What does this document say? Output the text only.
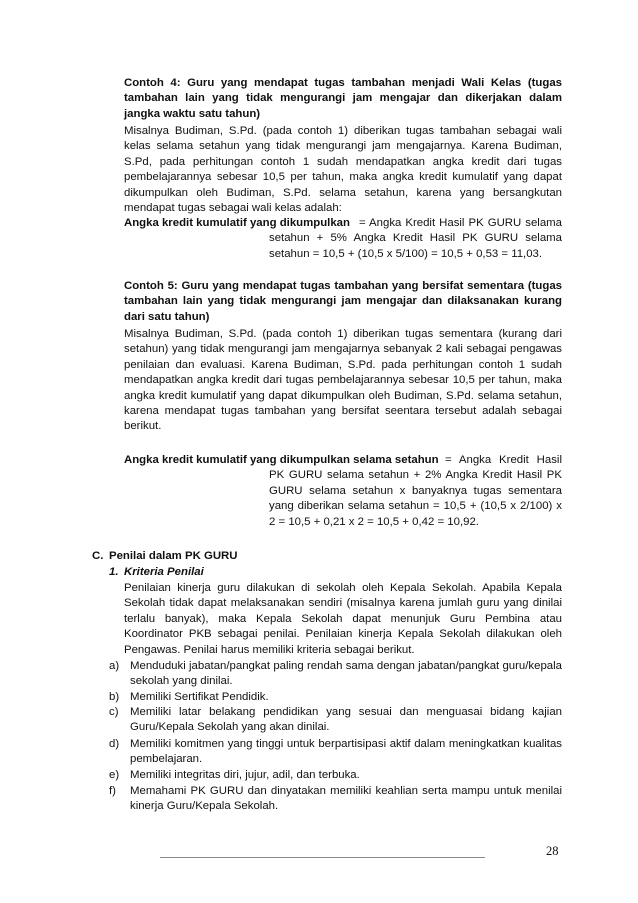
Contoh 4: Guru yang mendapat tugas tambahan menjadi Wali Kelas (tugas tambahan lain yang tidak mengurangi jam mengajar dan dikerjakan dalam jangka waktu satu tahun)
Misalnya Budiman, S.Pd. (pada contoh 1) diberikan tugas tambahan sebagai wali kelas selama setahun yang tidak mengurangi jam mengajarnya. Karena Budiman, S.Pd, pada perhitungan contoh 1 sudah mendapatkan angka kredit dari tugas pembelajarannya sebesar 10,5 per tahun, maka angka kredit kumulatif yang dapat dikumpulkan oleh Budiman, S.Pd. selama setahun, karena yang bersangkutan mendapat tugas sebagai wali kelas adalah:
Angka kredit kumulatif yang dikumpulkan = Angka Kredit Hasil PK GURU selama setahun + 5% Angka Kredit Hasil PK GURU selama setahun = 10,5 + (10,5 x 5/100) = 10,5 + 0,53 = 11,03.
Contoh 5: Guru yang mendapat tugas tambahan yang bersifat sementara (tugas tambahan lain yang tidak mengurangi jam mengajar dan dilaksanakan kurang dari satu tahun)
Misalnya Budiman, S.Pd. (pada contoh 1) diberikan tugas sementara (kurang dari setahun) yang tidak mengurangi jam mengajarnya sebanyak 2 kali sebagai pengawas penilaian dan evaluasi. Karena Budiman, S.Pd. pada perhitungan contoh 1 sudah mendapatkan angka kredit dari tugas pembelajarannya sebesar 10,5 per tahun, maka angka kredit kumulatif yang dapat dikumpulkan oleh Budiman, S.Pd. selama setahun, karena mendapat tugas tambahan yang bersifat seentara tersebut adalah sebagai berikut.
Angka kredit kumulatif yang dikumpulkan selama setahun = Angka Kredit Hasil PK GURU selama setahun + 2% Angka Kredit Hasil PK GURU selama setahun x banyaknya tugas sementara yang diberikan selama setahun = 10,5 + (10,5 x 2/100) x 2 = 10,5 + 0,21 x 2 = 10,5 + 0,42 = 10,92.
C. Penilai dalam PK GURU
1. Kriteria Penilai
Penilaian kinerja guru dilakukan di sekolah oleh Kepala Sekolah. Apabila Kepala Sekolah tidak dapat melaksanakan sendiri (misalnya karena jumlah guru yang dinilai terlalu banyak), maka Kepala Sekolah dapat menunjuk Guru Pembina atau Koordinator PKB sebagai penilai. Penilaian kinerja Kepala Sekolah dilakukan oleh Pengawas. Penilai harus memiliki kriteria sebagai berikut.
a) Menduduki jabatan/pangkat paling rendah sama dengan jabatan/pangkat guru/kepala sekolah yang dinilai.
b) Memiliki Sertifikat Pendidik.
c) Memiliki latar belakang pendidikan yang sesuai dan menguasai bidang kajian Guru/Kepala Sekolah yang akan dinilai.
d) Memiliki komitmen yang tinggi untuk berpartisipasi aktif dalam meningkatkan kualitas pembelajaran.
e) Memiliki integritas diri, jujur, adil, dan terbuka.
f) Memahami PK GURU dan dinyatakan memiliki keahlian serta mampu untuk menilai kinerja Guru/Kepala Sekolah.
28
